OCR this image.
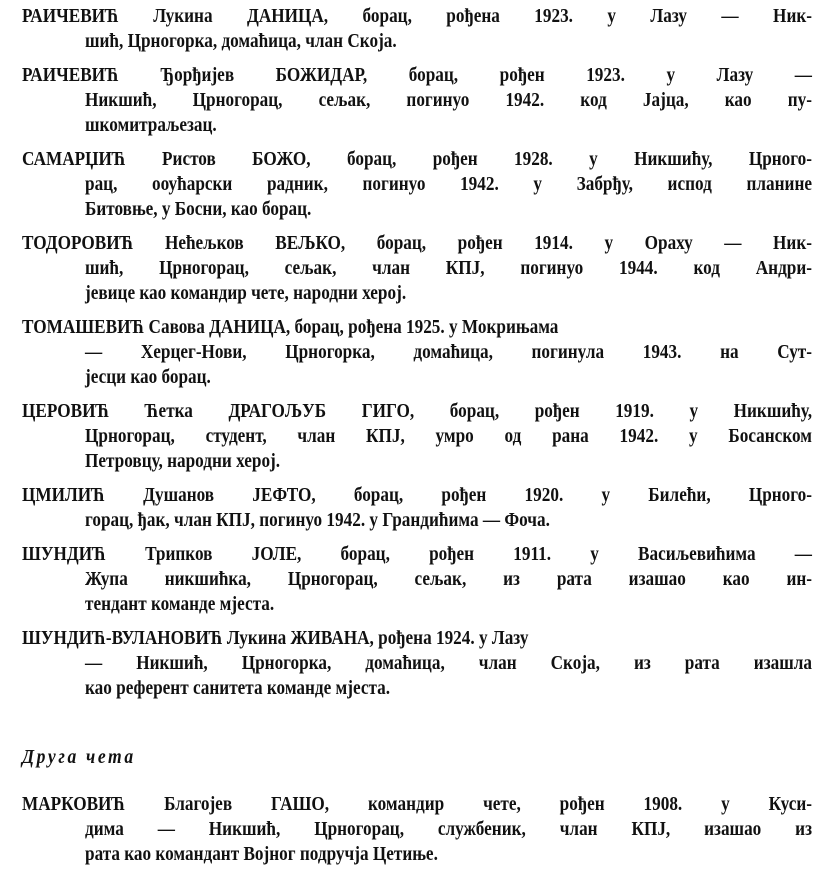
РАИЧЕВИЋ Лукина ДАНИЦА, борац, рођена 1923. у Лазу — Ник-
шић, Црногорка, домаћица, члан Скоја.
РАИЧЕВИЋ Ђорђијев БОЖИДАР, борац, рођен 1923. у Лазу —
Никшић, Црногорац, сељак, погинуо 1942. код Јајца, као пу-
шкомитраљезац.
САМАРЏИЋ Ристов БОЖО, борац, рођен 1928. у Никшићу, Црного-
рац, ооућарски радник, погинуо 1942. у Забрђу, испод планине
Битовње, у Босни, као борац.
ТОДОРОВИЋ Нећељков ВЕЉКО, борац, рођен 1914. у Ораху — Ник-
шић, Црногорац, сељак, члан КПЈ, погинуо 1944. код Андри-
јевице као командир чете, народни херој.
ТОМАШЕВИЋ Савова ДАНИЦА, борац, рођена 1925. у Мокрињама
— Херцег-Нови, Црногорка, домаћица, погинула 1943. на Сут-
јесци као борац.
ЦЕРОВИЋ Ћетка ДРАГОЉУБ ГИГО, борац, рођен 1919. у Никшићу,
Црногорац, студент, члан КПЈ, умро од рана 1942. у Босанском
Петровцу, народни херој.
ЦМИЛИЋ Душанов ЈЕФТО, борац, рођен 1920. у Билећи, Црного-
горац, ђак, члан КПЈ, погинуо 1942. у Грандићима — Фоча.
ШУНДИЋ Трипков ЈОЛЕ, борац, рођен 1911. у Васиљевићима —
Жупа никшићка, Црногорац, сељак, из рата изашао као ин-
тендант команде мјеста.
ШУНДИЋ-ВУЛАНОВИЋ Лукина ЖИВАНА, рођена 1924. у Лазу
— Никшић, Црногорка, домаћица, члан Скоја, из рата изашла
као референт санитета команде мјеста.
Друга чета
МАРКОВИЋ Благојев ГАШО, командир чете, рођен 1908. у Куси-
дима — Никшић, Црногорац, службеник, члан КПЈ, изашао из
рата као командант Војног подручја Цетиње.
